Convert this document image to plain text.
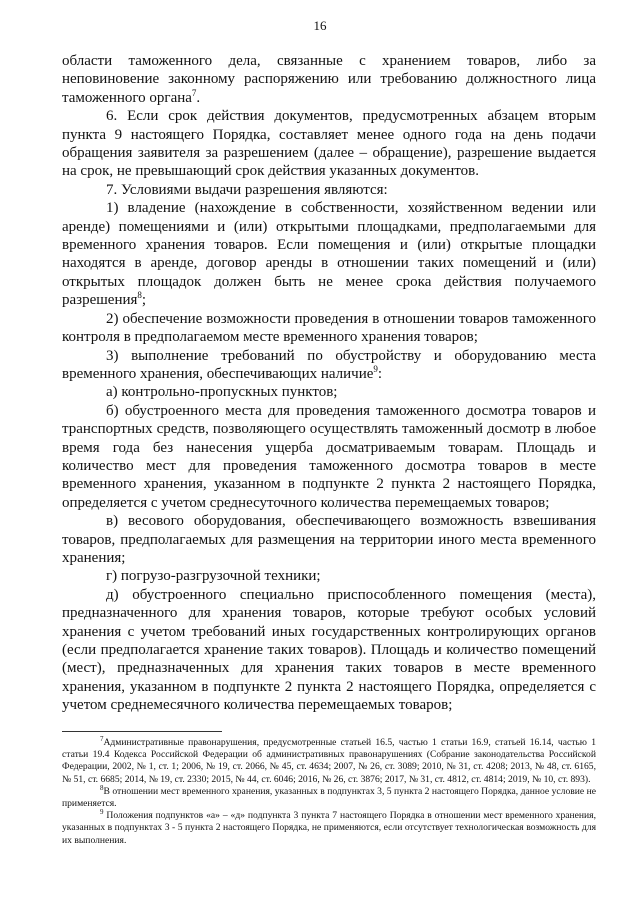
16

области таможенного дела, связанные с хранением товаров, либо за неповиновение законному распоряжению или требованию должностного лица таможенного органа$^7$.

6. Если срок действия документов, предусмотренных абзацем вторым пункта 9 настоящего Порядка, составляет менее одного года на день подачи обращения заявителя за разрешением (далее – обращение), разрешение выдается на срок, не превышающий срок действия указанных документов.

7. Условиями выдачи разрешения являются:

1) владение (нахождение в собственности, хозяйственном ведении или аренде) помещениями и (или) открытыми площадками, предполагаемыми для временного хранения товаров. Если помещения и (или) открытые площадки находятся в аренде, договор аренды в отношении таких помещений и (или) открытых площадок должен быть не менее срока действия получаемого разрешения$^8$;

2) обеспечение возможности проведения в отношении товаров таможенного контроля в предполагаемом месте временного хранения товаров;

3) выполнение требований по обустройству и оборудованию места временного хранения, обеспечивающих наличие$^9$:

а) контрольно-пропускных пунктов;

б) обустроенного места для проведения таможенного досмотра товаров и транспортных средств, позволяющего осуществлять таможенный досмотр в любое время года без нанесения ущерба досматриваемым товарам. Площадь и количество мест для проведения таможенного досмотра товаров в месте временного хранения, указанном в подпункте 2 пункта 2 настоящего Порядка, определяется с учетом среднесуточного количества перемещаемых товаров;

в) весового оборудования, обеспечивающего возможность взвешивания товаров, предполагаемых для размещения на территории иного места временного хранения;

г) погрузо-разгрузочной техники;

д) обустроенного специально приспособленного помещения (места), предназначенного для хранения товаров, которые требуют особых условий хранения с учетом требований иных государственных контролирующих органов (если предполагается хранение таких товаров). Площадь и количество помещений (мест), предназначенных для хранения таких товаров в месте временного хранения, указанном в подпункте 2 пункта 2 настоящего Порядка, определяется с учетом среднемесячного количества перемещаемых товаров;

$^7$Административные правонарушения, предусмотренные статьей 16.5, частью 1 статьи 16.9, статьей 16.14, частью 1 статьи 19.4 Кодекса Российской Федерации об административных правонарушениях (Собрание законодательства Российской Федерации, 2002, № 1, ст. 1; 2006, № 19, ст. 2066, № 45, ст. 4634; 2007, № 26, ст. 3089; 2010, № 31, ст. 4208; 2013, № 48, ст. 6165, № 51, ст. 6685; 2014, № 19, ст. 2330; 2015, № 44, ст. 6046; 2016, № 26, ст. 3876; 2017, № 31, ст. 4812, ст. 4814; 2019, № 10, ст. 893).

$^8$В отношении мест временного хранения, указанных в подпунктах 3, 5 пункта 2 настоящего Порядка, данное условие не применяется.

$^9$ Положения подпунктов «а» – «д» подпункта 3 пункта 7 настоящего Порядка в отношении мест временного хранения, указанных в подпунктах 3 - 5 пункта 2 настоящего Порядка, не применяются, если отсутствует технологическая возможность для их выполнения.
